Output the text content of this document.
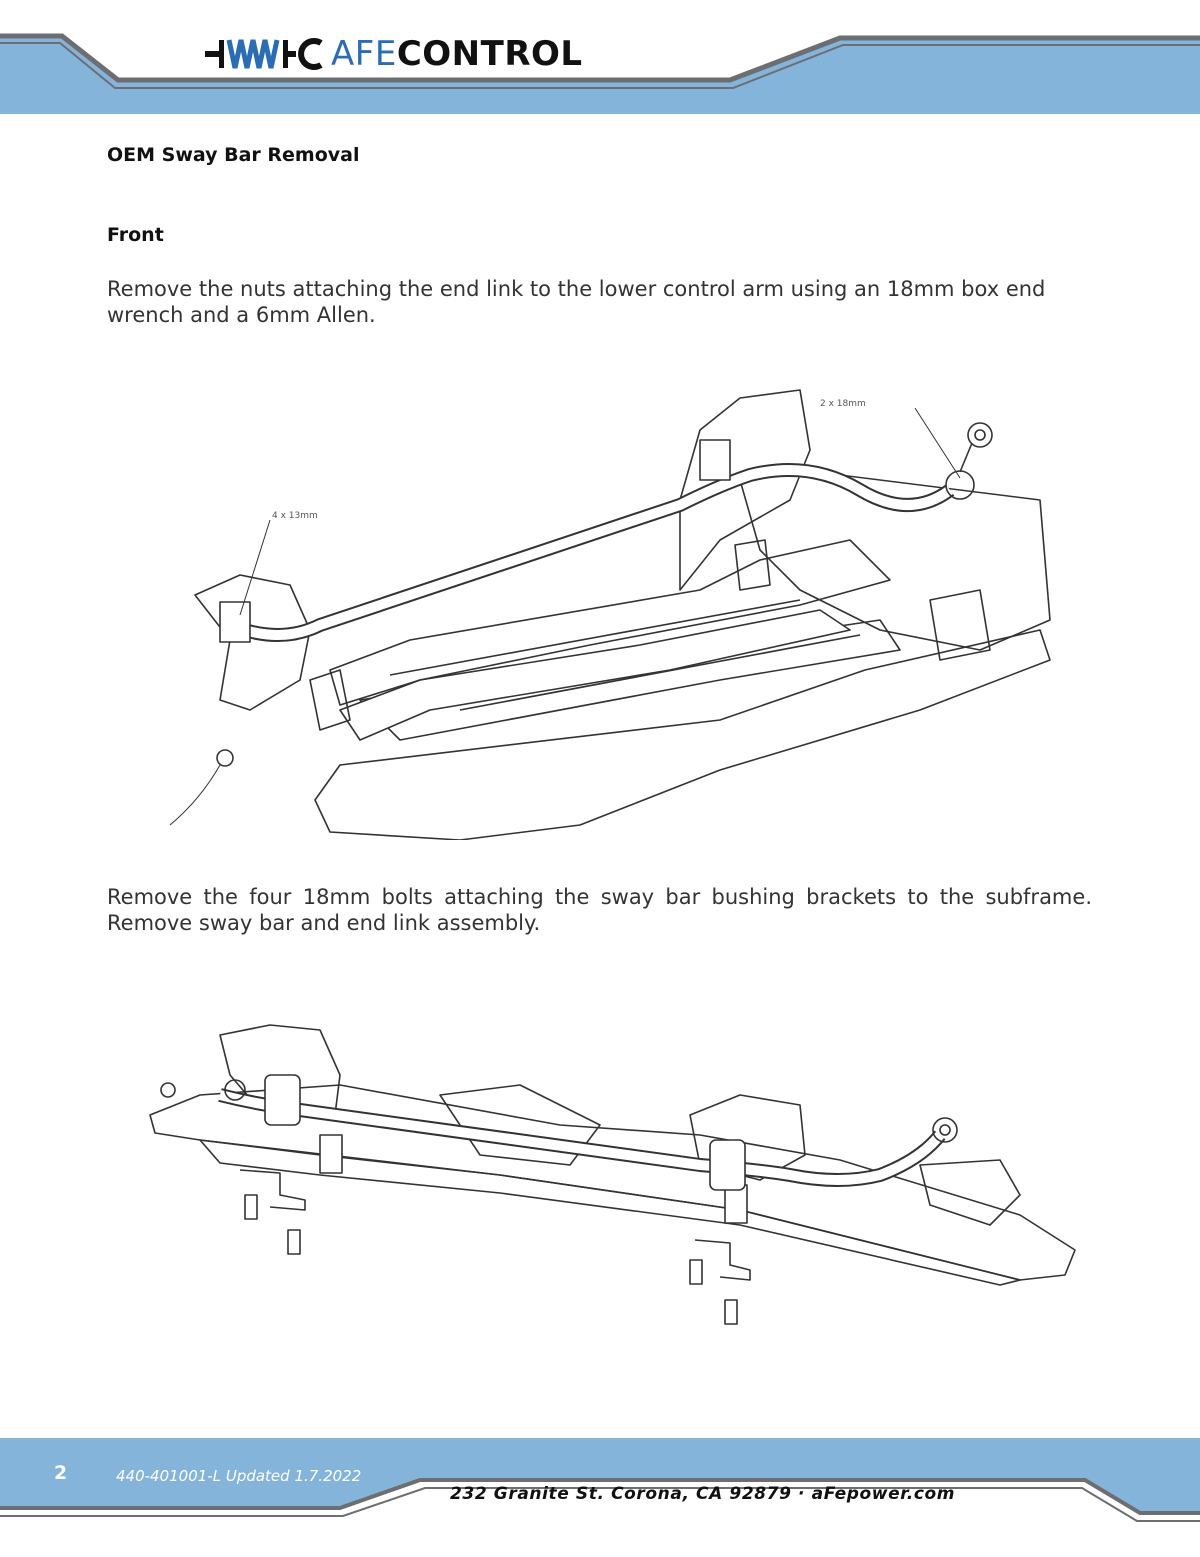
AFECONTROL
OEM Sway Bar Removal
Front
Remove the nuts attaching the end link to the lower control arm using an 18mm box end wrench and a 6mm Allen.
2 x 18mm
4 x 13mm
Remove the four 18mm bolts attaching the sway bar bushing brackets to the subframe. Remove sway bar and end link assembly.
2	440-401001-L Updated 1.7.2022
232 Granite St. Corona, CA 92879 · aFepower.com
